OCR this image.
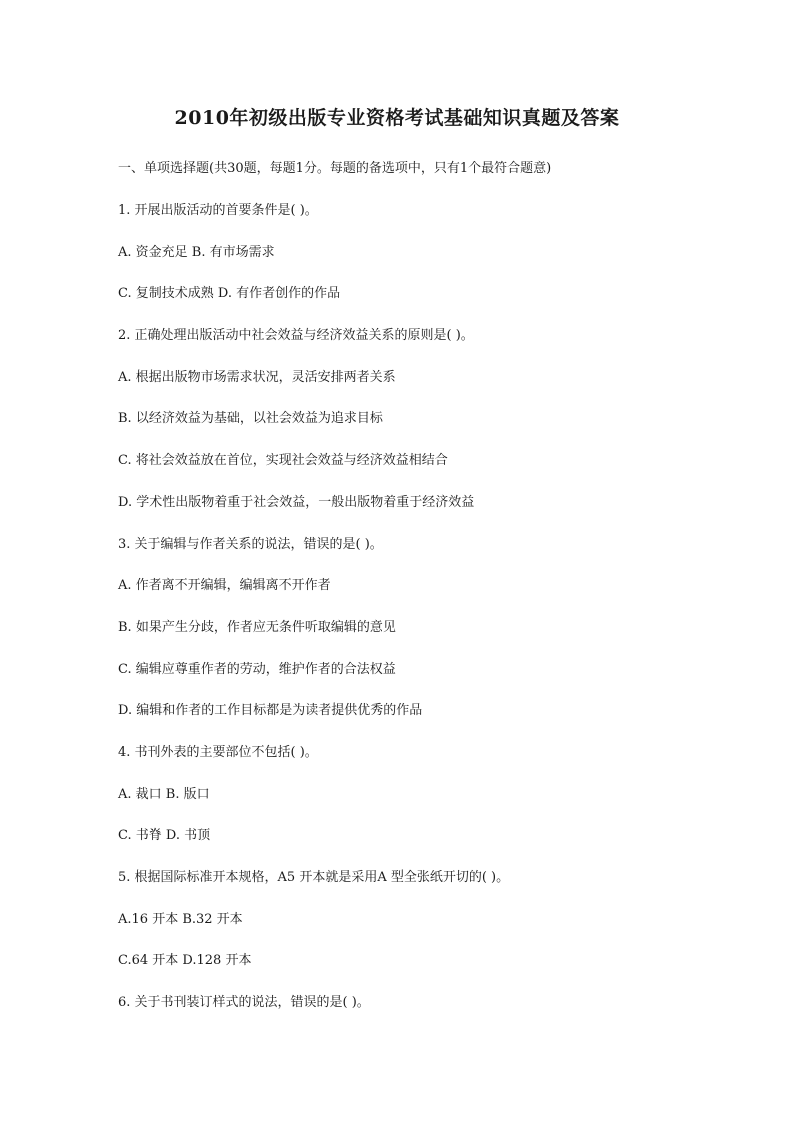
2010年初级出版专业资格考试基础知识真题及答案
一、单项选择题(共30题，每题1分。每题的备选项中，只有1个最符合题意)
1. 开展出版活动的首要条件是( )。
A. 资金充足 B. 有市场需求
C. 复制技术成熟 D. 有作者创作的作品
2. 正确处理出版活动中社会效益与经济效益关系的原则是( )。
A. 根据出版物市场需求状况，灵活安排两者关系
B. 以经济效益为基础，以社会效益为追求目标
C. 将社会效益放在首位，实现社会效益与经济效益相结合
D. 学术性出版物着重于社会效益，一般出版物着重于经济效益
3. 关于编辑与作者关系的说法，错误的是( )。
A. 作者离不开编辑，编辑离不开作者
B. 如果产生分歧，作者应无条件听取编辑的意见
C. 编辑应尊重作者的劳动，维护作者的合法权益
D. 编辑和作者的工作目标都是为读者提供优秀的作品
4. 书刊外表的主要部位不包括( )。
A. 裁口 B. 版口
C. 书脊 D. 书顶
5. 根据国际标准开本规格，A5 开本就是采用A 型全张纸开切的( )。
A.16 开本 B.32 开本
C.64 开本 D.128 开本
6. 关于书刊装订样式的说法，错误的是( )。
